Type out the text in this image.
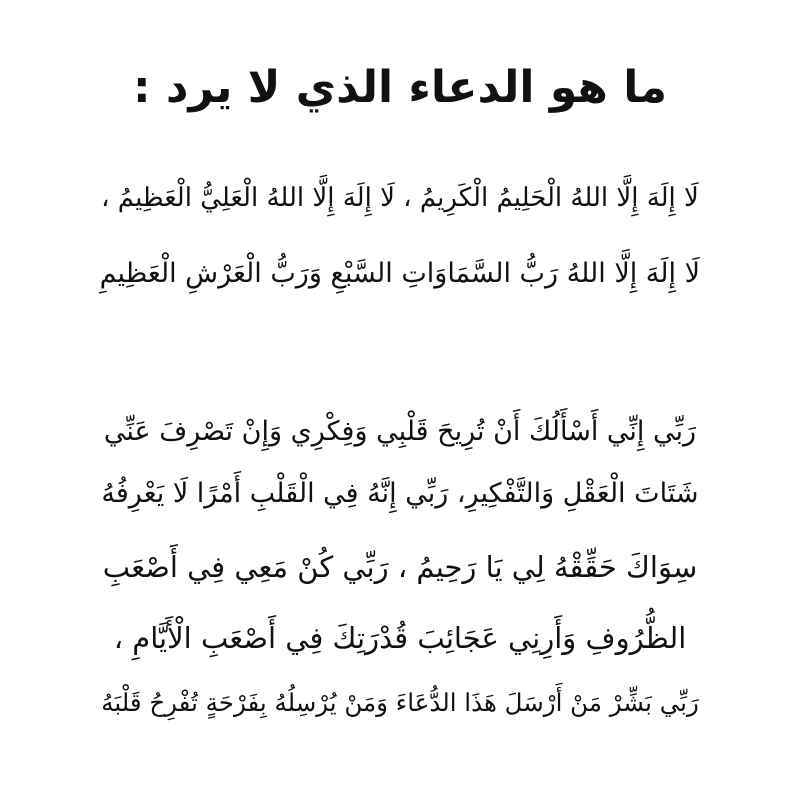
ما هو الدعاء الذي لا يرد :
لَا إِلَهَ إِلَّا اللهُ الْحَلِيمُ الْكَرِيمُ ، لَا إِلَهَ إِلَّا اللهُ الْعَلِيُّ الْعَظِيمُ ،
لَا إِلَهَ إِلَّا اللهُ رَبُّ السَّمَاوَاتِ السَّبْعِ وَرَبُّ الْعَرْشِ الْعَظِيمِ
رَبِّي إِنِّي أَسْأَلُكَ أَنْ تُرِيحَ قَلْبِي وَفِكْرِي وَإِنْ تَصْرِفَ عَنِّي
شَتَاتَ الْعَقْلِ وَالتَّفْكِيرِ، رَبِّي إِنَّهُ فِي الْقَلْبِ أَمْرًا لَا يَعْرِفُهُ
سِوَاكَ حَقِّقْهُ لِي يَا رَحِيمُ ، رَبِّي كُنْ مَعِي فِي أَصْعَبِ
الظُّرُوفِ وَأَرِنِي عَجَائِبَ قُدْرَتِكَ فِي أَصْعَبِ الْأَيَّامِ ،
رَبِّي بَشِّرْ مَنْ أَرْسَلَ هَذَا الدُّعَاءَ وَمَنْ يُرْسِلُهُ بِفَرْحَةٍ تُفْرِحُ قَلْبَهُ
